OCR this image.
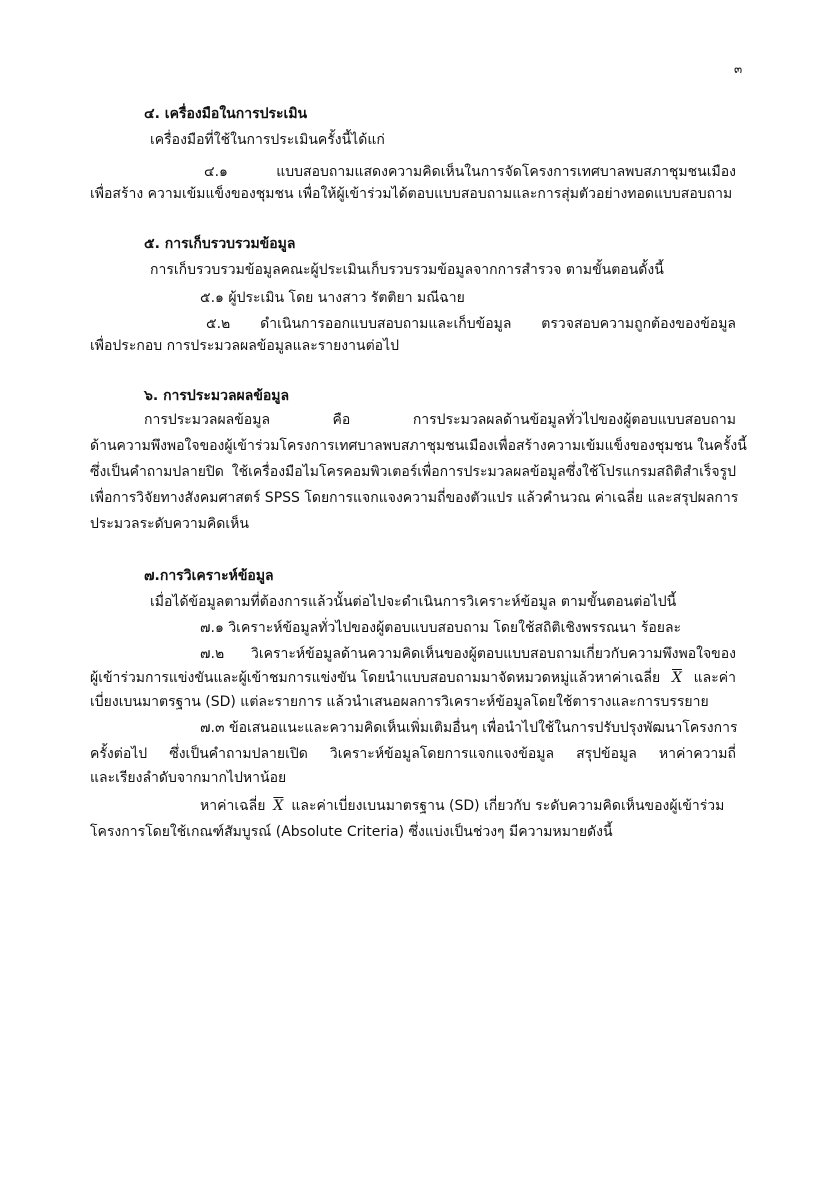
๓
๔. เครื่องมือในการประเมิน
เครื่องมือที่ใช้ในการประเมินครั้งนี้ได้แก่
๔.๑ แบบสอบถามแสดงความคิดเห็นในการจัดโครงการเทศบาลพบสภาชุมชนเมือง
เพื่อสร้าง ความเข้มแข็งของชุมชน เพื่อให้ผู้เข้าร่วมได้ตอบแบบสอบถามและการสุ่มตัวอย่างทอดแบบสอบถาม
๕. การเก็บรวบรวมข้อมูล
การเก็บรวบรวมข้อมูลคณะผู้ประเมินเก็บรวบรวมข้อมูลจากการสำรวจ ตามขั้นตอนดั้งนี้
๕.๑ ผู้ประเมิน โดย นางสาว รัตติยา มณีฉาย
๕.๒ ดำเนินการออกแบบสอบถามและเก็บข้อมูล ตรวจสอบความถูกต้องของข้อมูล
เพื่อประกอบ การประมวลผลข้อมูลและรายงานต่อไป
๖. การประมวลผลข้อมูล
การประมวลผลข้อมูล คือ การประมวลผลด้านข้อมูลทั่วไปของผู้ตอบแบบสอบถาม
ด้านความพึงพอใจของผู้เข้าร่วมโครงการเทศบาลพบสภาชุมชนเมืองเพื่อสร้างความเข้มแข็งของชุมชน ในครั้งนี้
ซึ่งเป็นคำถามปลายปิด ใช้เครื่องมือไมโครคอมพิวเตอร์เพื่อการประมวลผลข้อมูลซึ่งใช้โปรแกรมสถิติสำเร็จรูป
เพื่อการวิจัยทางสังคมศาสตร์ SPSS โดยการแจกแจงความถี่ของตัวแปร แล้วคำนวณ ค่าเฉลี่ย และสรุปผลการ
ประมวลระดับความคิดเห็น
๗.การวิเคราะห์ข้อมูล
เมื่อได้ข้อมูลตามที่ต้องการแล้วนั้นต่อไปจะดำเนินการวิเคราะห์ข้อมูล ตามขั้นตอนต่อไปนี้
๗.๑ วิเคราะห์ข้อมูลทั่วไปของผู้ตอบแบบสอบถาม โดยใช้สถิติเชิงพรรณนา ร้อยละ
๗.๒ วิเคราะห์ข้อมูลด้านความคิดเห็นของผู้ตอบแบบสอบถามเกี่ยวกับความพึงพอใจของ
ผู้เข้าร่วมการแข่งขันและผู้เข้าชมการแข่งขัน โดยนำแบบสอบถามมาจัดหมวดหมู่แล้วหาค่าเฉลี่ย $\overline{X}$ และค่า
เบี่ยงเบนมาตรฐาน (SD) แต่ละรายการ แล้วนำเสนอผลการวิเคราะห์ข้อมูลโดยใช้ตารางและการบรรยาย
๗.๓ ข้อเสนอแนะและความคิดเห็นเพิ่มเติมอื่นๆ เพื่อนำไปใช้ในการปรับปรุงพัฒนาโครงการ
ครั้งต่อไป ซึ่งเป็นคำถามปลายเปิด วิเคราะห์ข้อมูลโดยการแจกแจงข้อมูล สรุปข้อมูล หาค่าความถี่
และเรียงลำดับจากมากไปหาน้อย
หาค่าเฉลี่ย $\overline{X}$ และค่าเบี่ยงเบนมาตรฐาน (SD) เกี่ยวกับ ระดับความคิดเห็นของผู้เข้าร่วม
โครงการโดยใช้เกณฑ์สัมบูรณ์ (Absolute Criteria) ซึ่งแบ่งเป็นช่วงๆ มีความหมายดังนี้
